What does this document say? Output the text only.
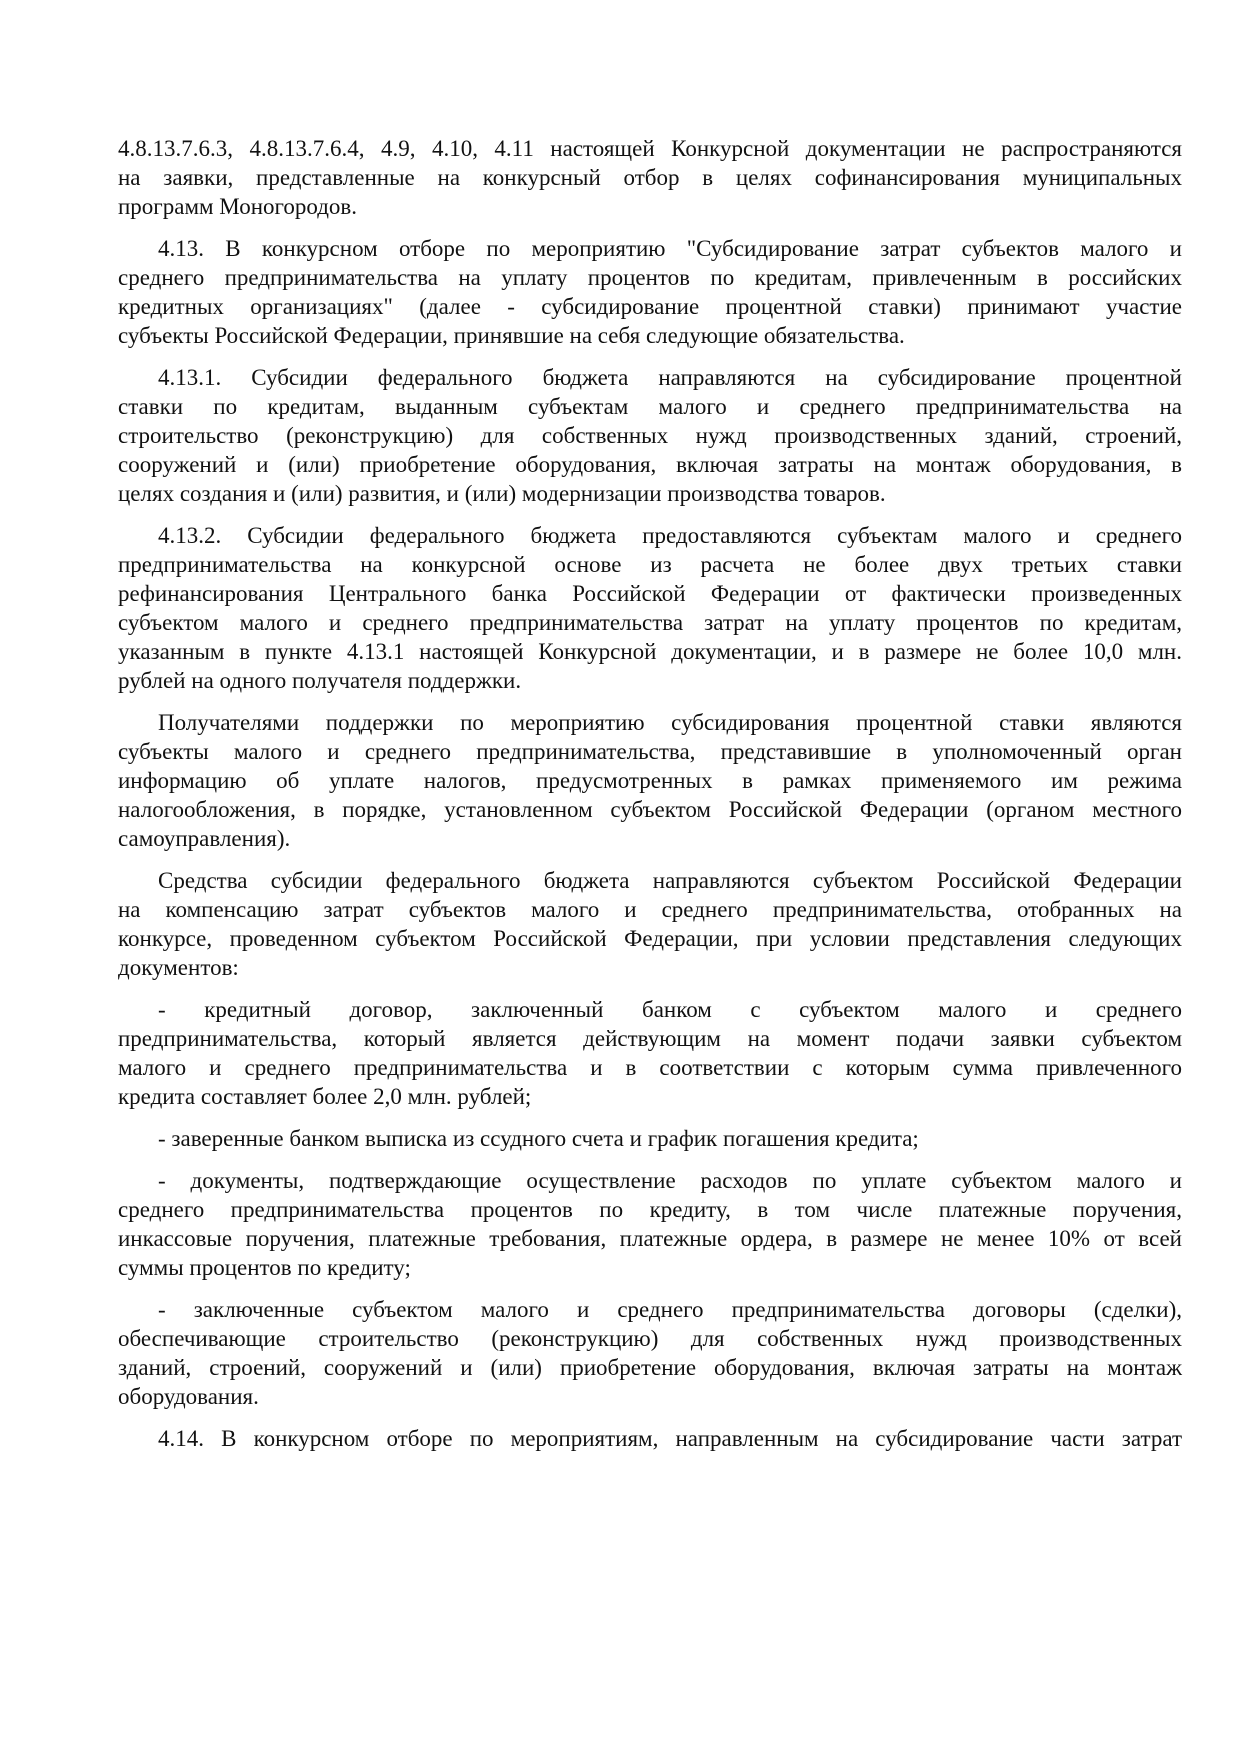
4.8.13.7.6.3, 4.8.13.7.6.4, 4.9, 4.10, 4.11 настоящей Конкурсной документации не распространяются
на заявки, представленные на конкурсный отбор в целях софинансирования муниципальных
программ Моногородов.
4.13. В конкурсном отборе по мероприятию "Субсидирование затрат субъектов малого и
среднего предпринимательства на уплату процентов по кредитам, привлеченным в российских
кредитных организациях" (далее - субсидирование процентной ставки) принимают участие
субъекты Российской Федерации, принявшие на себя следующие обязательства.
4.13.1. Субсидии федерального бюджета направляются на субсидирование процентной
ставки по кредитам, выданным субъектам малого и среднего предпринимательства на
строительство (реконструкцию) для собственных нужд производственных зданий, строений,
сооружений и (или) приобретение оборудования, включая затраты на монтаж оборудования, в
целях создания и (или) развития, и (или) модернизации производства товаров.
4.13.2. Субсидии федерального бюджета предоставляются субъектам малого и среднего
предпринимательства на конкурсной основе из расчета не более двух третьих ставки
рефинансирования Центрального банка Российской Федерации от фактически произведенных
субъектом малого и среднего предпринимательства затрат на уплату процентов по кредитам,
указанным в пункте 4.13.1 настоящей Конкурсной документации, и в размере не более 10,0 млн.
рублей на одного получателя поддержки.
Получателями поддержки по мероприятию субсидирования процентной ставки являются
субъекты малого и среднего предпринимательства, представившие в уполномоченный орган
информацию об уплате налогов, предусмотренных в рамках применяемого им режима
налогообложения, в порядке, установленном субъектом Российской Федерации (органом местного
самоуправления).
Средства субсидии федерального бюджета направляются субъектом Российской Федерации
на компенсацию затрат субъектов малого и среднего предпринимательства, отобранных на
конкурсе, проведенном субъектом Российской Федерации, при условии представления следующих
документов:
- кредитный договор, заключенный банком с субъектом малого и среднего
предпринимательства, который является действующим на момент подачи заявки субъектом
малого и среднего предпринимательства и в соответствии с которым сумма привлеченного
кредита составляет более 2,0 млн. рублей;
- заверенные банком выписка из ссудного счета и график погашения кредита;
- документы, подтверждающие осуществление расходов по уплате субъектом малого и
среднего предпринимательства процентов по кредиту, в том числе платежные поручения,
инкассовые поручения, платежные требования, платежные ордера, в размере не менее 10% от всей
суммы процентов по кредиту;
- заключенные субъектом малого и среднего предпринимательства договоры (сделки),
обеспечивающие строительство (реконструкцию) для собственных нужд производственных
зданий, строений, сооружений и (или) приобретение оборудования, включая затраты на монтаж
оборудования.
4.14. В конкурсном отборе по мероприятиям, направленным на субсидирование части затрат
